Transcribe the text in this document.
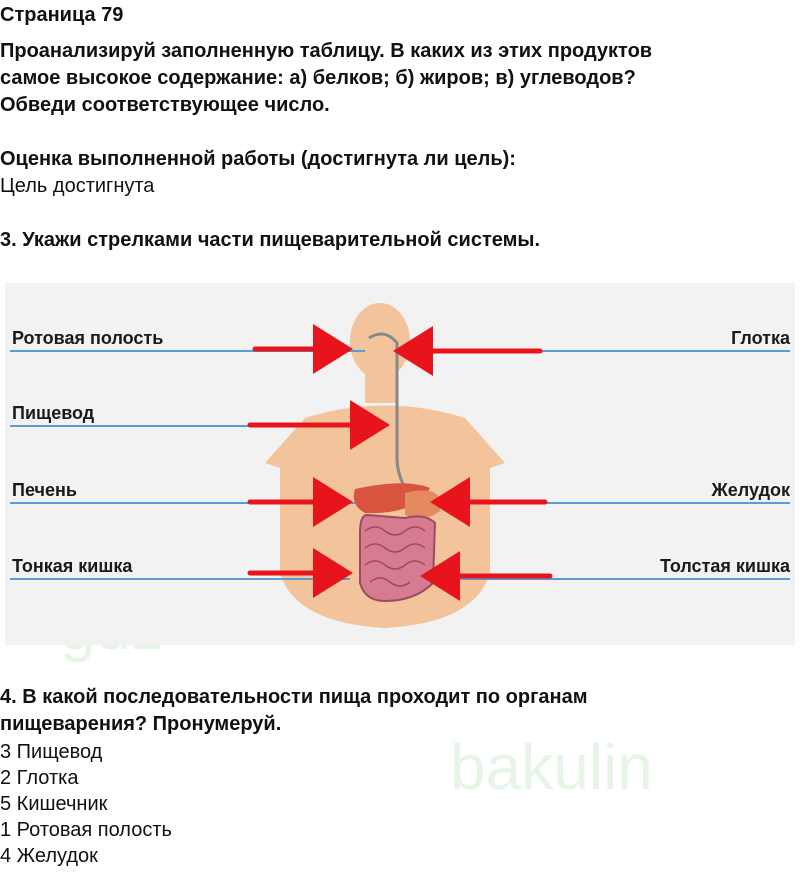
bakulin

Страница 79

Проанализируй заполненную таблицу. В каких из этих продуктов

самое высокое содержание: а) белков; б) жиров; в) углеводов?

Обведи соответствующее число.

Оценка выполненной работы (достигнута ли цель):

Цель достигнута

3. Укажи стрелками части пищеварительной системы.

Ротовая полость	Глотка
Пищевод
Печень	Желудок
Тонкая кишка	Толстая кишка

4. В какой последовательности пища проходит по органам

пищеварения? Пронумеруй.

3 Пищевод

2 Глотка

5 Кишечник

1 Ротовая полость

4 Желудок
